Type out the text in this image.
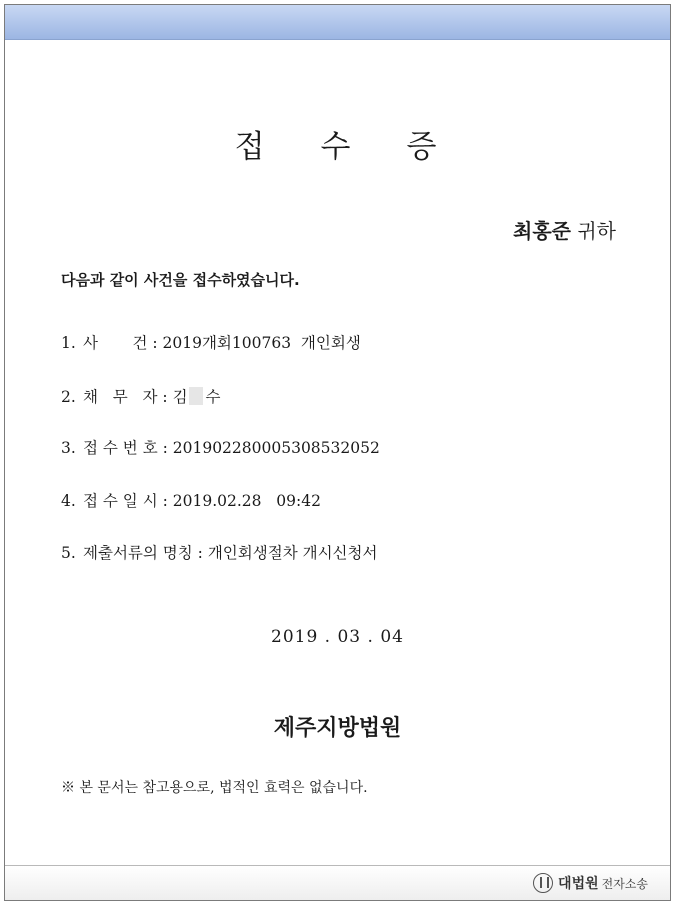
접 수 증
최홍준 귀하
다음과 같이 사건을 접수하였습니다.
1. 사       건 : 2019개회100763  개인회생
2. 채   무   자 : 김 수
3. 접 수 번 호 : 20190228000530853205​2
4. 접 수 일 시 : 2019.02.28   09:42
5. 제출서류의 명칭 : 개인회생절차 개시신청서
2019 . 03 . 04
제주지방법원
※ 본 문서는 참고용으로, 법적인 효력은 없습니다.
대법원 전자소송
